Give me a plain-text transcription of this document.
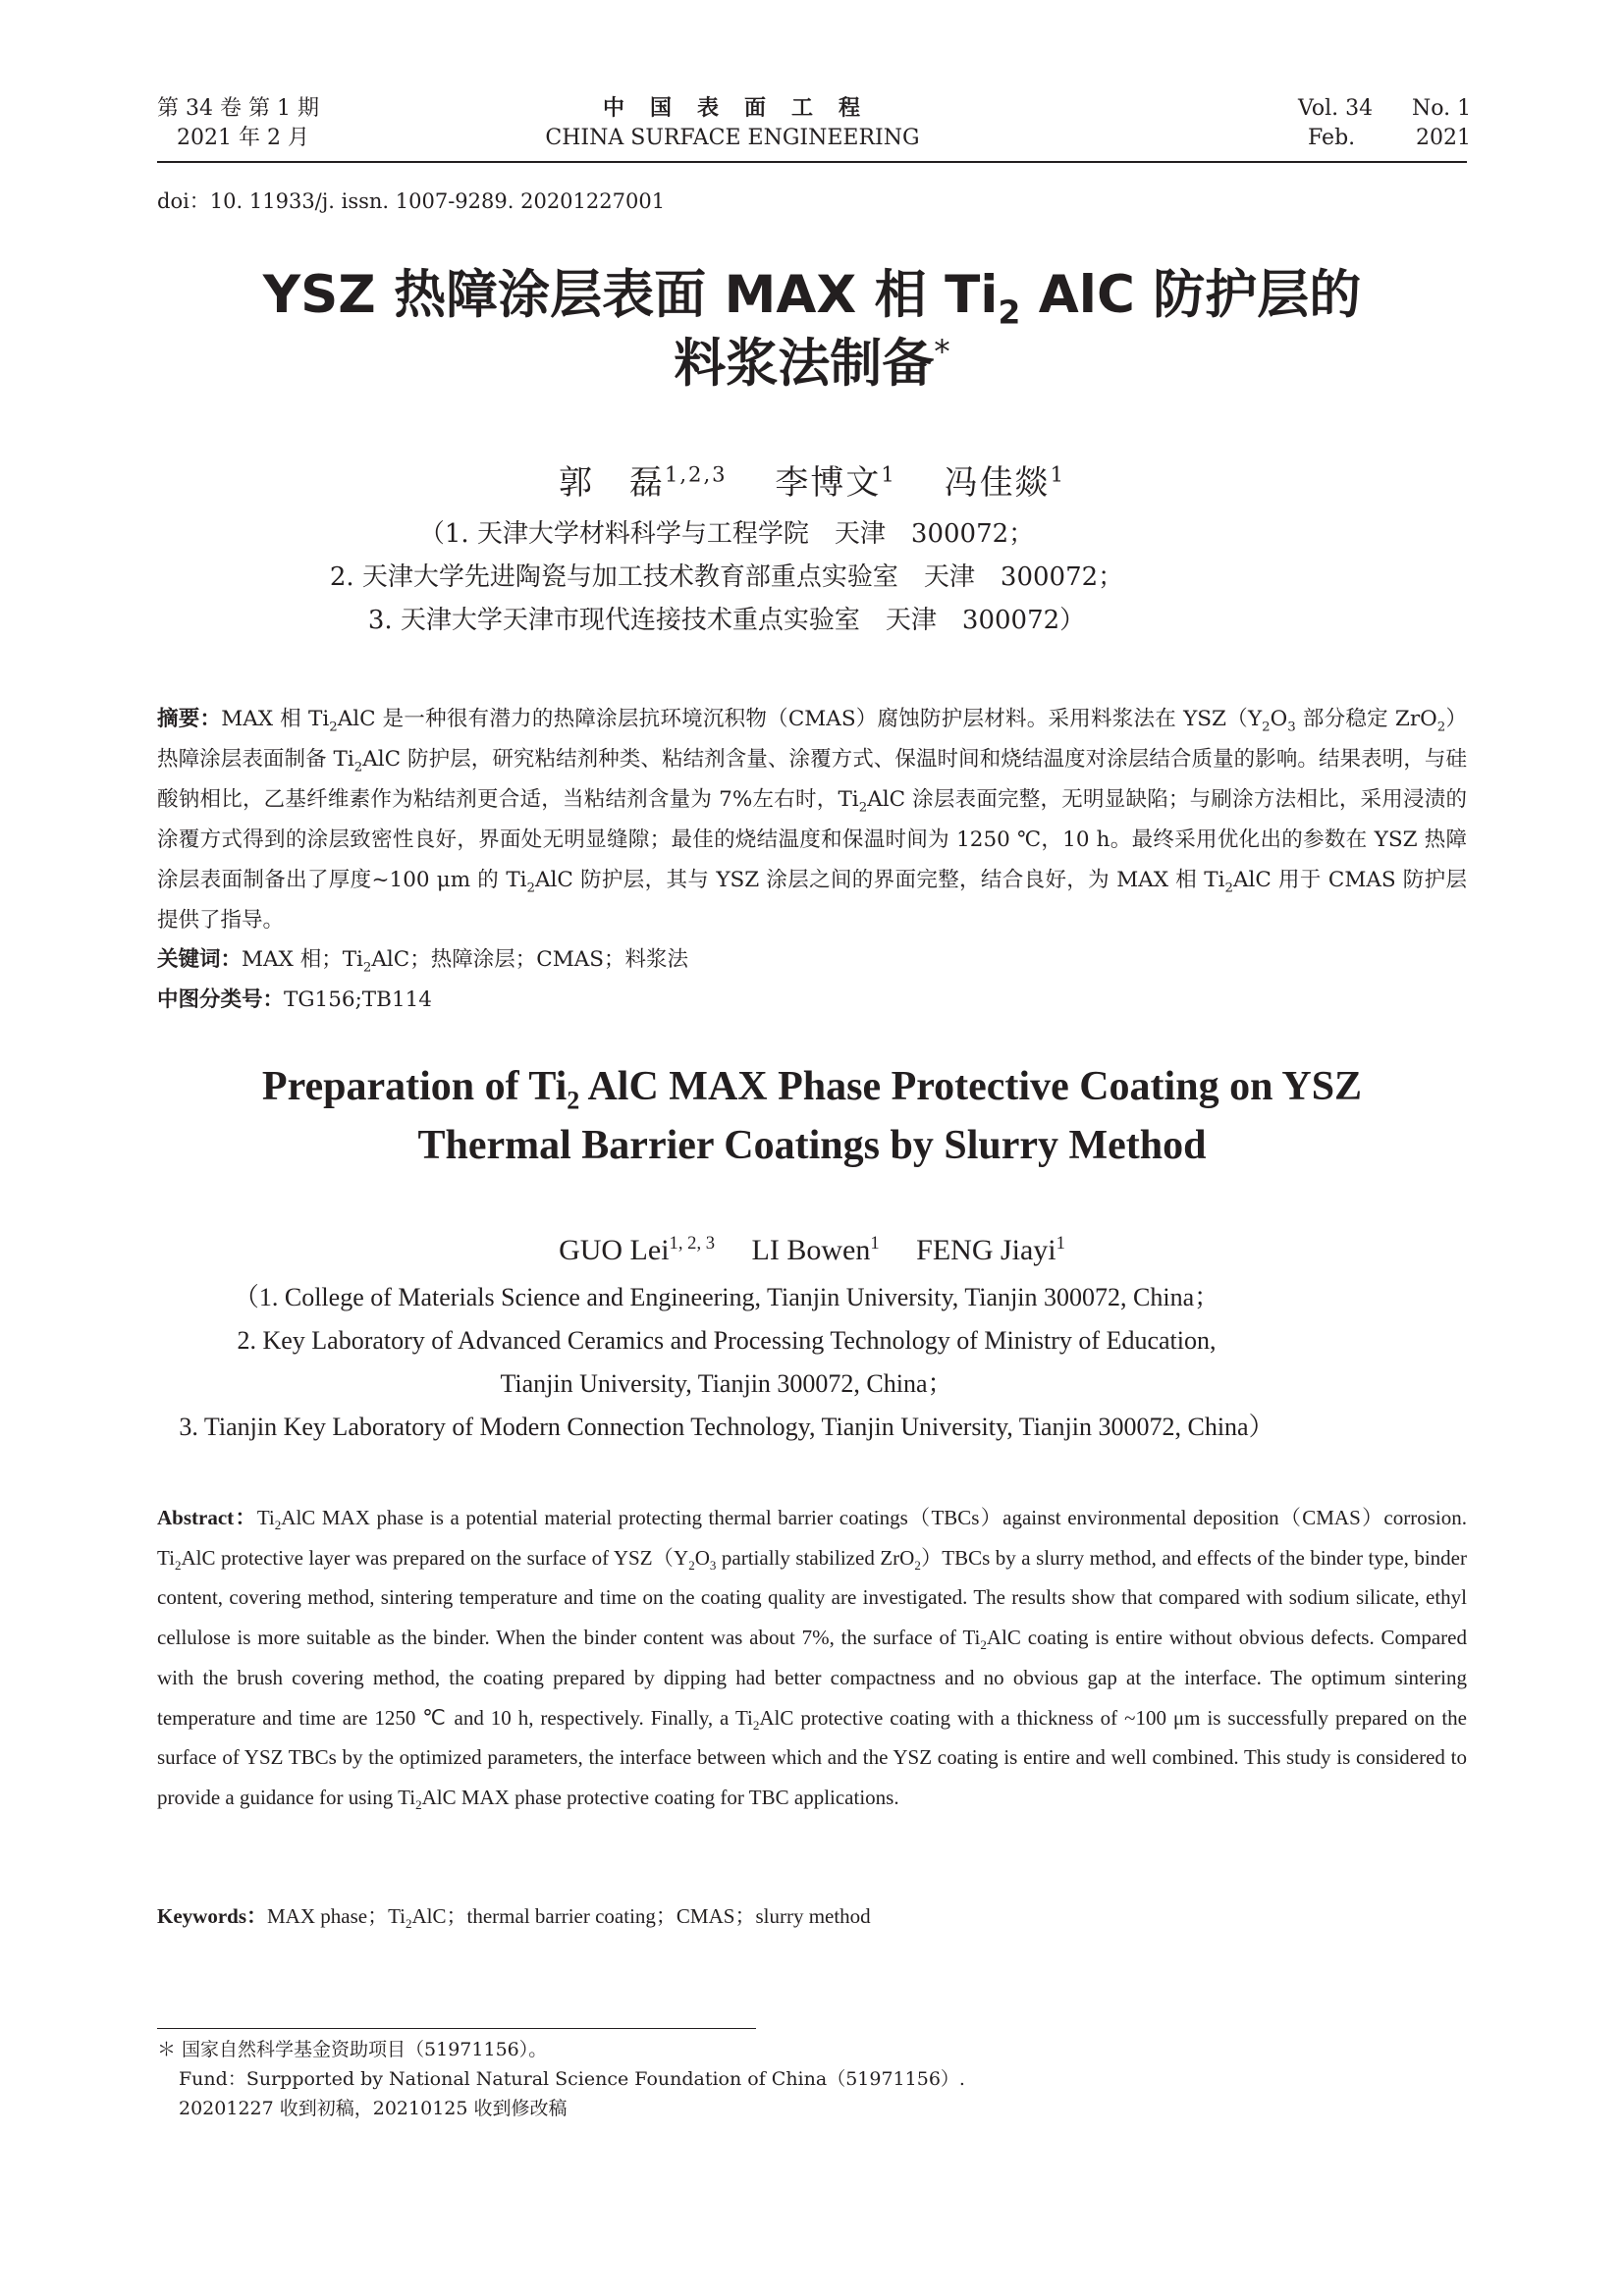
第 34 卷 第 1 期
2021 年 2 月
中　国　表　面　工　程
CHINA SURFACE ENGINEERING
Vol. 34
Feb.
No. 1
2021
doi：10. 11933/j. issn. 1007-9289. 20201227001
YSZ 热障涂层表面 MAX 相 $Ti_2$ AlC 防护层的
料浆法制备*
郭　磊$^{1,2,3}$　 李博文$^1$　 冯佳燚$^1$
（1. 天津大学材料科学与工程学院　天津　300072；
2. 天津大学先进陶瓷与加工技术教育部重点实验室　天津　300072；
3. 天津大学天津市现代连接技术重点实验室　天津　300072）
摘要：MAX 相 $Ti_2AlC$ 是一种很有潜力的热障涂层抗环境沉积物（CMAS）腐蚀防护层材料。采用料浆法在 $YSZ(Y_2O_3$ 部分稳定 ZrO$_2$）热障涂层表面制备 $Ti_2AlC$ 防护层，研究粘结剂种类、粘结剂含量、涂覆方式、保温时间和烧结温度对涂层结合质量的影响。结果表明，与硅酸钠相比，乙基纤维素作为粘结剂更合适，当粘结剂含量为 7%左右时，$Ti_2AlC$ 涂层表面完整，无明显缺陷；与刷涂方法相比，采用浸渍的涂覆方式得到的涂层致密性良好，界面处无明显缝隙；最佳的烧结温度和保温时间为 1250 ℃，10 h。最终采用优化出的参数在 YSZ 热障涂层表面制备出了厚度~100 μm 的 $Ti_2AlC$ 防护层，其与 YSZ 涂层之间的界面完整，结合良好，为 MAX 相 $Ti_2AlC$ 用于 CMAS 防护层提供了指导。
关键词：MAX 相；$Ti_2AlC$；热障涂层；CMAS；料浆法
中图分类号：TG156;TB114
Preparation of $Ti_2$ AlC MAX Phase Protective Coating on YSZ
Thermal Barrier Coatings by Slurry Method
GUO Lei$^{1, 2, 3}$ LI Bowen$^1$ FENG Jiayi$^1$
（1. College of Materials Science and Engineering, Tianjin University, Tianjin 300072, China；
2. Key Laboratory of Advanced Ceramics and Processing Technology of Ministry of Education,
Tianjin University, Tianjin 300072, China；
3. Tianjin Key Laboratory of Modern Connection Technology, Tianjin University, Tianjin 300072, China）
Abstract：$Ti_2AlC$ MAX phase is a potential material protecting thermal barrier coatings（TBCs）against environmental deposition（CMAS）corrosion. $Ti_2AlC$ protective layer was prepared on the surface of $YSZ(Y_2O_3$ partially stabilized ZrO$_2$）TBCs by a slurry method, and effects of the binder type, binder content, covering method, sintering temperature and time on the coating quality are investigated. The results show that compared with sodium silicate, ethyl cellulose is more suitable as the binder. When the binder content was about 7%, the surface of $Ti_2AlC$ coating is entire without obvious defects. Compared with the brush covering method, the coating prepared by dipping had better compactness and no obvious gap at the interface. The optimum sintering temperature and time are 1250 ℃ and 10 h, respectively. Finally, a $Ti_2AlC$ protective coating with a thickness of ~100 μm is successfully prepared on the surface of YSZ TBCs by the optimized parameters, the interface between which and the YSZ coating is entire and well combined. This study is considered to provide a guidance for using $Ti_2AlC$ MAX phase protective coating for TBC applications.
Keywords：MAX phase；$Ti_2AlC$；thermal barrier coating；CMAS；slurry method
＊ 国家自然科学基金资助项目（51971156）。
Fund：Surpported by National Natural Science Foundation of China（51971156）.
20201227 收到初稿，20210125 收到修改稿
